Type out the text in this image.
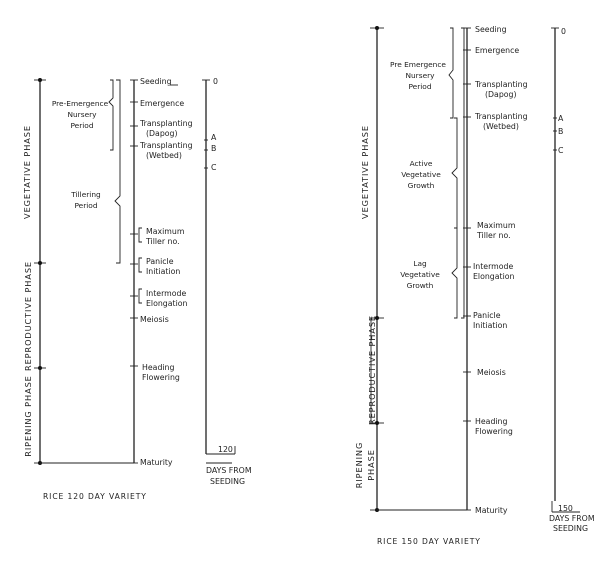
VEGETATIVE PHASE
REPRODUCTIVE PHASE
RIPENING PHASE
Pre-Emergence
Nursery
Period
Tillering
Period
Seeding
Emergence
Transplanting
(Dapog)
Transplanting
(Wetbed)
Maximum
Tiller no.
Panicle
Initiation
Intermode
Elongation
Meiosis
Heading
Flowering
Maturity
0
A
B
C
120
DAYS FROM
SEEDING
RICE 120 DAY VARIETY
VEGETATIVE PHASE
REPRODUCTIVE PHASE
RIPENING PHASE
Pre Emergence
Nursery
Period
Active
Vegetative
Growth
Lag
Vegetative
Growth
Seeding
Emergence
Transplanting
(Dapog)
Transplanting
(Wetbed)
Maximum
Tiller no.
Intermode
Elongation
Panicle
Initiation
Meiosis
Heading
Flowering
Maturity
0
A
B
C
150
DAYS FROM
SEEDING
RICE 150 DAY VARIETY
